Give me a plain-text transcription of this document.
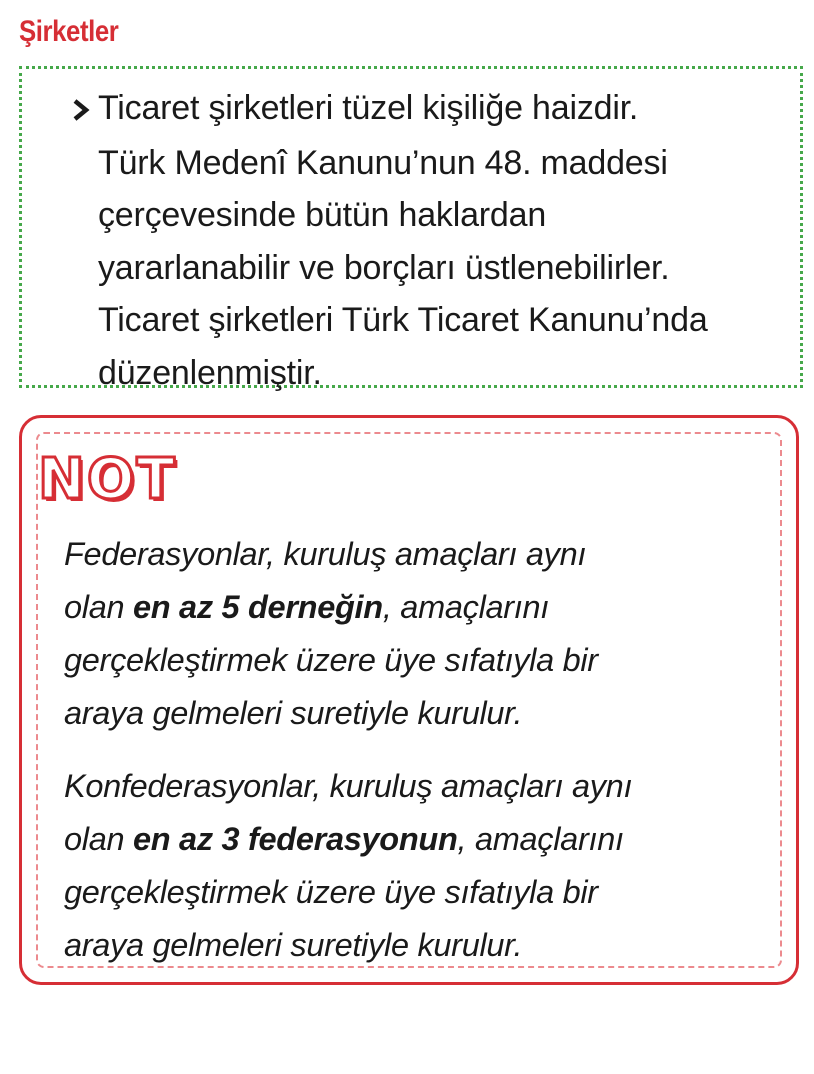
Şirketler
Ticaret şirketleri tüzel kişiliğe haizdir.
Türk Medenî Kanunu’nun 48. maddesi
çerçevesinde bütün haklardan
yararlanabilir ve borçları üstlenebilirler.
Ticaret şirketleri Türk Ticaret Kanunu’nda
düzenlenmiştir.
NOT

Federasyonlar, kuruluş amaçları aynı
olan en az 5 derneğin, amaçlarını
gerçekleştirmek üzere üye sıfatıyla bir
araya gelmeleri suretiyle kurulur.

Konfederasyonlar, kuruluş amaçları aynı
olan en az 3 federasyonun, amaçlarını
gerçekleştirmek üzere üye sıfatıyla bir
araya gelmeleri suretiyle kurulur.
